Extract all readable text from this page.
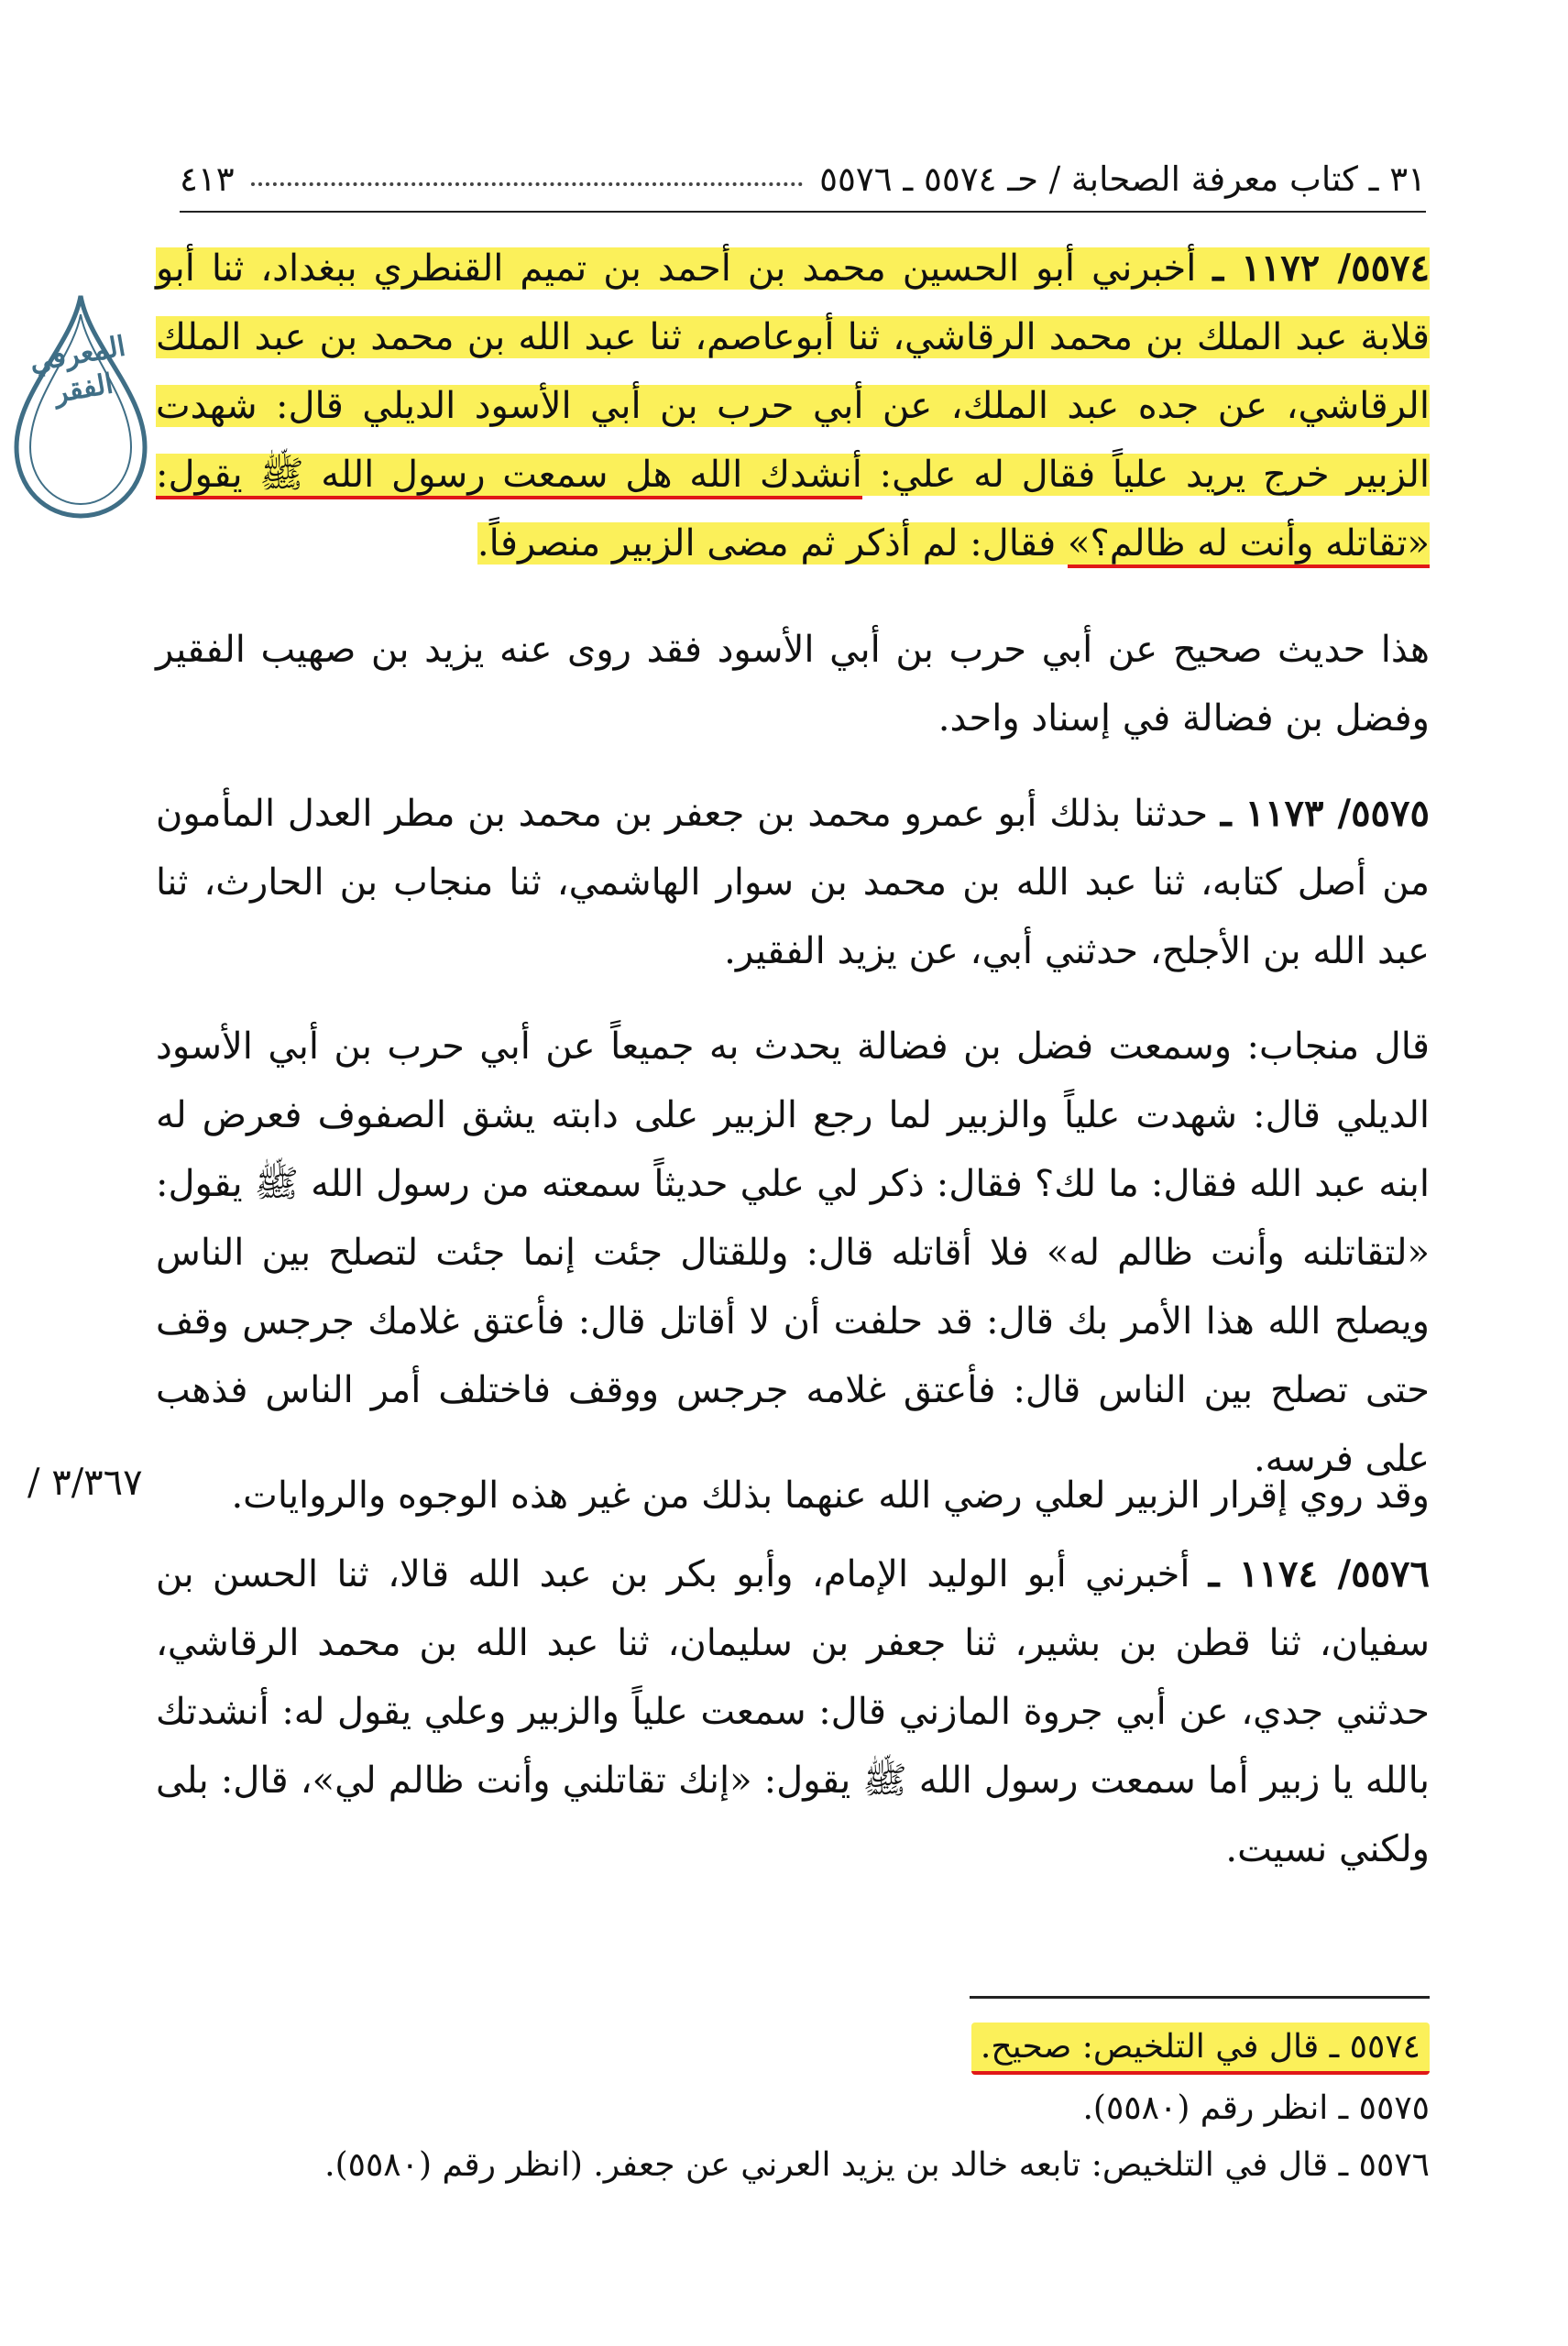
٣١ ـ كتاب معرفة الصحابة / حـ ٥٥٧٤ ـ ٥٥٧٦
٤١٣
المعرفي الفقر
٥٥٧٤/ ١١٧٢ ـ أخبرني أبو الحسين محمد بن أحمد بن تميم القنطري ببغداد، ثنا أبو قلابة عبد الملك بن محمد الرقاشي، ثنا أبوعاصم، ثنا عبد الله بن محمد بن عبد الملك الرقاشي، عن جده عبد الملك، عن أبي حرب بن أبي الأسود الديلي قال: شهدت الزبير خرج يريد علياً فقال له علي: أنشدك الله هل سمعت رسول الله ﷺ يقول: «تقاتله وأنت له ظالم؟» فقال: لم أذكر ثم مضى الزبير منصرفاً.
هذا حديث صحيح عن أبي حرب بن أبي الأسود فقد روى عنه يزيد بن صهيب الفقير وفضل بن فضالة في إسناد واحد.
٥٥٧٥/ ١١٧٣ ـ حدثنا بذلك أبو عمرو محمد بن جعفر بن محمد بن مطر العدل المأمون من أصل كتابه، ثنا عبد الله بن محمد بن سوار الهاشمي، ثنا منجاب بن الحارث، ثنا عبد الله بن الأجلح، حدثني أبي، عن يزيد الفقير.
قال منجاب: وسمعت فضل بن فضالة يحدث به جميعاً عن أبي حرب بن أبي الأسود الديلي قال: شهدت علياً والزبير لما رجع الزبير على دابته يشق الصفوف فعرض له ابنه عبد الله فقال: ما لك؟ فقال: ذكر لي علي حديثاً سمعته من رسول الله ﷺ يقول: «لتقاتلنه وأنت ظالم له» فلا أقاتله قال: وللقتال جئت إنما جئت لتصلح بين الناس ويصلح الله هذا الأمر بك قال: قد حلفت أن لا أقاتل قال: فأعتق غلامك جرجس وقف حتى تصلح بين الناس قال: فأعتق غلامه جرجس ووقف فاختلف أمر الناس فذهب على فرسه.
وقد روي إقرار الزبير لعلي رضي الله عنهما بذلك من غير هذه الوجوه والروايات.
٣/٣٦٧ /
٥٥٧٦/ ١١٧٤ ـ أخبرني أبو الوليد الإمام، وأبو بكر بن عبد الله قالا، ثنا الحسن بن سفيان، ثنا قطن بن بشير، ثنا جعفر بن سليمان، ثنا عبد الله بن محمد الرقاشي، حدثني جدي، عن أبي جروة المازني قال: سمعت علياً والزبير وعلي يقول له: أنشدتك بالله يا زبير أما سمعت رسول الله ﷺ يقول: «إنك تقاتلني وأنت ظالم لي»، قال: بلى ولكني نسيت.
٥٥٧٤ ـ قال في التلخيص: صحيح.
٥٥٧٥ ـ انظر رقم (٥٥٨٠).
٥٥٧٦ ـ قال في التلخيص: تابعه خالد بن يزيد العرني عن جعفر. (انظر رقم (٥٥٨٠).
